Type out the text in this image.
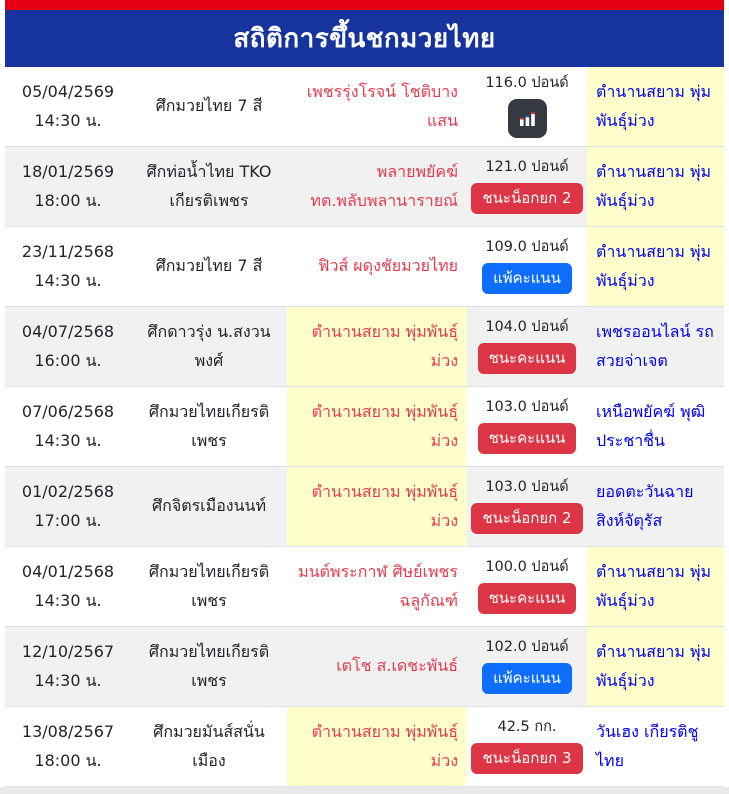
สถิติการขึ้นชกมวยไทย
05/04/2569
14:30 น.
ศึกมวยไทย 7 สี
เพชรรุ่งโรจน์ โชติบางแสน
116.0 ปอนด์	ตำนานสยาม พุ่มพันธุ์ม่วง
18/01/2569
18:00 น.
ศึกท่อน้ำไทย TKO เกียรติเพชร
พลายพยัคฆ์ ทต.พลับพลานารายณ์
121.0 ปอนด์
ชนะน็อกยก 2
ตำนานสยาม พุ่มพันธุ์ม่วง
23/11/2568
14:30 น.
ศึกมวยไทย 7 สี	ฟิวส์ ผดุงชัยมวยไทย
109.0 ปอนด์
แพ้คะแนน
ตำนานสยาม พุ่มพันธุ์ม่วง
04/07/2568
16:00 น.
ศึกดาวรุ่ง น.สงวนพงศ์
ตำนานสยาม พุ่มพันธุ์ม่วง
104.0 ปอนด์
ชนะคะแนน
เพชรออนไลน์ รถสวยจ่าเจต
07/06/2568
14:30 น.
ศึกมวยไทยเกียรติเพชร
ตำนานสยาม พุ่มพันธุ์ม่วง
103.0 ปอนด์
ชนะคะแนน
เหนือพยัคฆ์ พุฒิประชาชื่น
01/02/2568
17:00 น.
ศึกจิตรเมืองนนท์
ตำนานสยาม พุ่มพันธุ์ม่วง
103.0 ปอนด์
ชนะน็อกยก 2
ยอดตะวันฉาย สิงห์จัตุรัส
04/01/2568
14:30 น.
ศึกมวยไทยเกียรติเพชร
มนต์พระกาฬ ศิษย์เพชรฉลูกัณฑ์
100.0 ปอนด์
ชนะคะแนน
ตำนานสยาม พุ่มพันธุ์ม่วง
12/10/2567
14:30 น.
ศึกมวยไทยเกียรติเพชร
เตโช ส.เดชะพันธ์
102.0 ปอนด์
แพ้คะแนน
ตำนานสยาม พุ่มพันธุ์ม่วง
13/08/2567
18:00 น.
ศึกมวยมันส์สนั่นเมือง
ตำนานสยาม พุ่มพันธุ์ม่วง
42.5 กก.
ชนะน็อกยก 3
วันเฮง เกียรติชูไทย
